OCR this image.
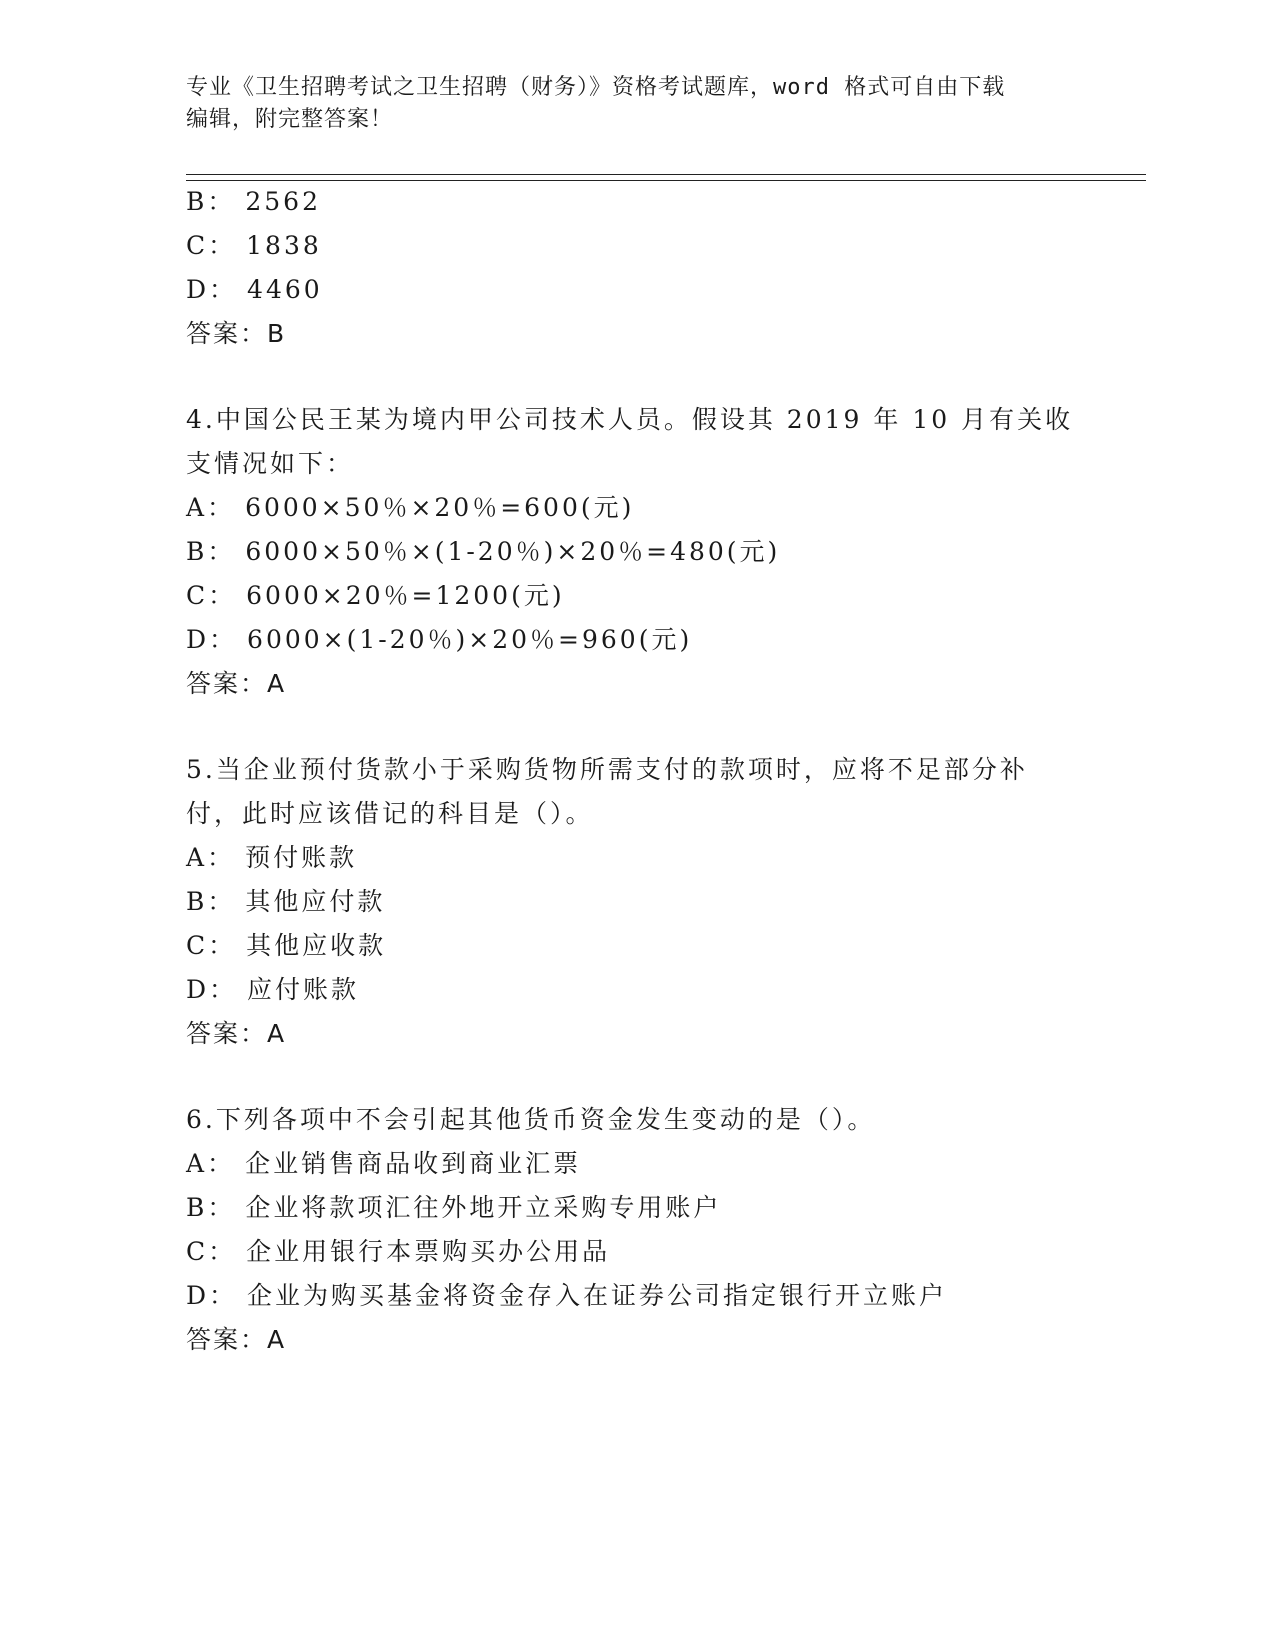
专业《卫生招聘考试之卫生招聘（财务）》资格考试题库，word 格式可自由下载
编辑，附完整答案！
B： 2562
C： 1838
D： 4460
答案：B
4.中国公民王某为境内甲公司技术人员。假设其 2019 年 10 月有关收
支情况如下：
A： 6000×50％×20％=600(元)
B： 6000×50％×(1-20％)×20％=480(元)
C： 6000×20％=1200(元)
D： 6000×(1-20％)×20％=960(元)
答案：A
5.当企业预付货款小于采购货物所需支付的款项时，应将不足部分补
付，此时应该借记的科目是（）。
A： 预付账款
B： 其他应付款
C： 其他应收款
D： 应付账款
答案：A
6.下列各项中不会引起其他货币资金发生变动的是（）。
A： 企业销售商品收到商业汇票
B： 企业将款项汇往外地开立采购专用账户
C： 企业用银行本票购买办公用品
D： 企业为购买基金将资金存入在证券公司指定银行开立账户
答案：A
